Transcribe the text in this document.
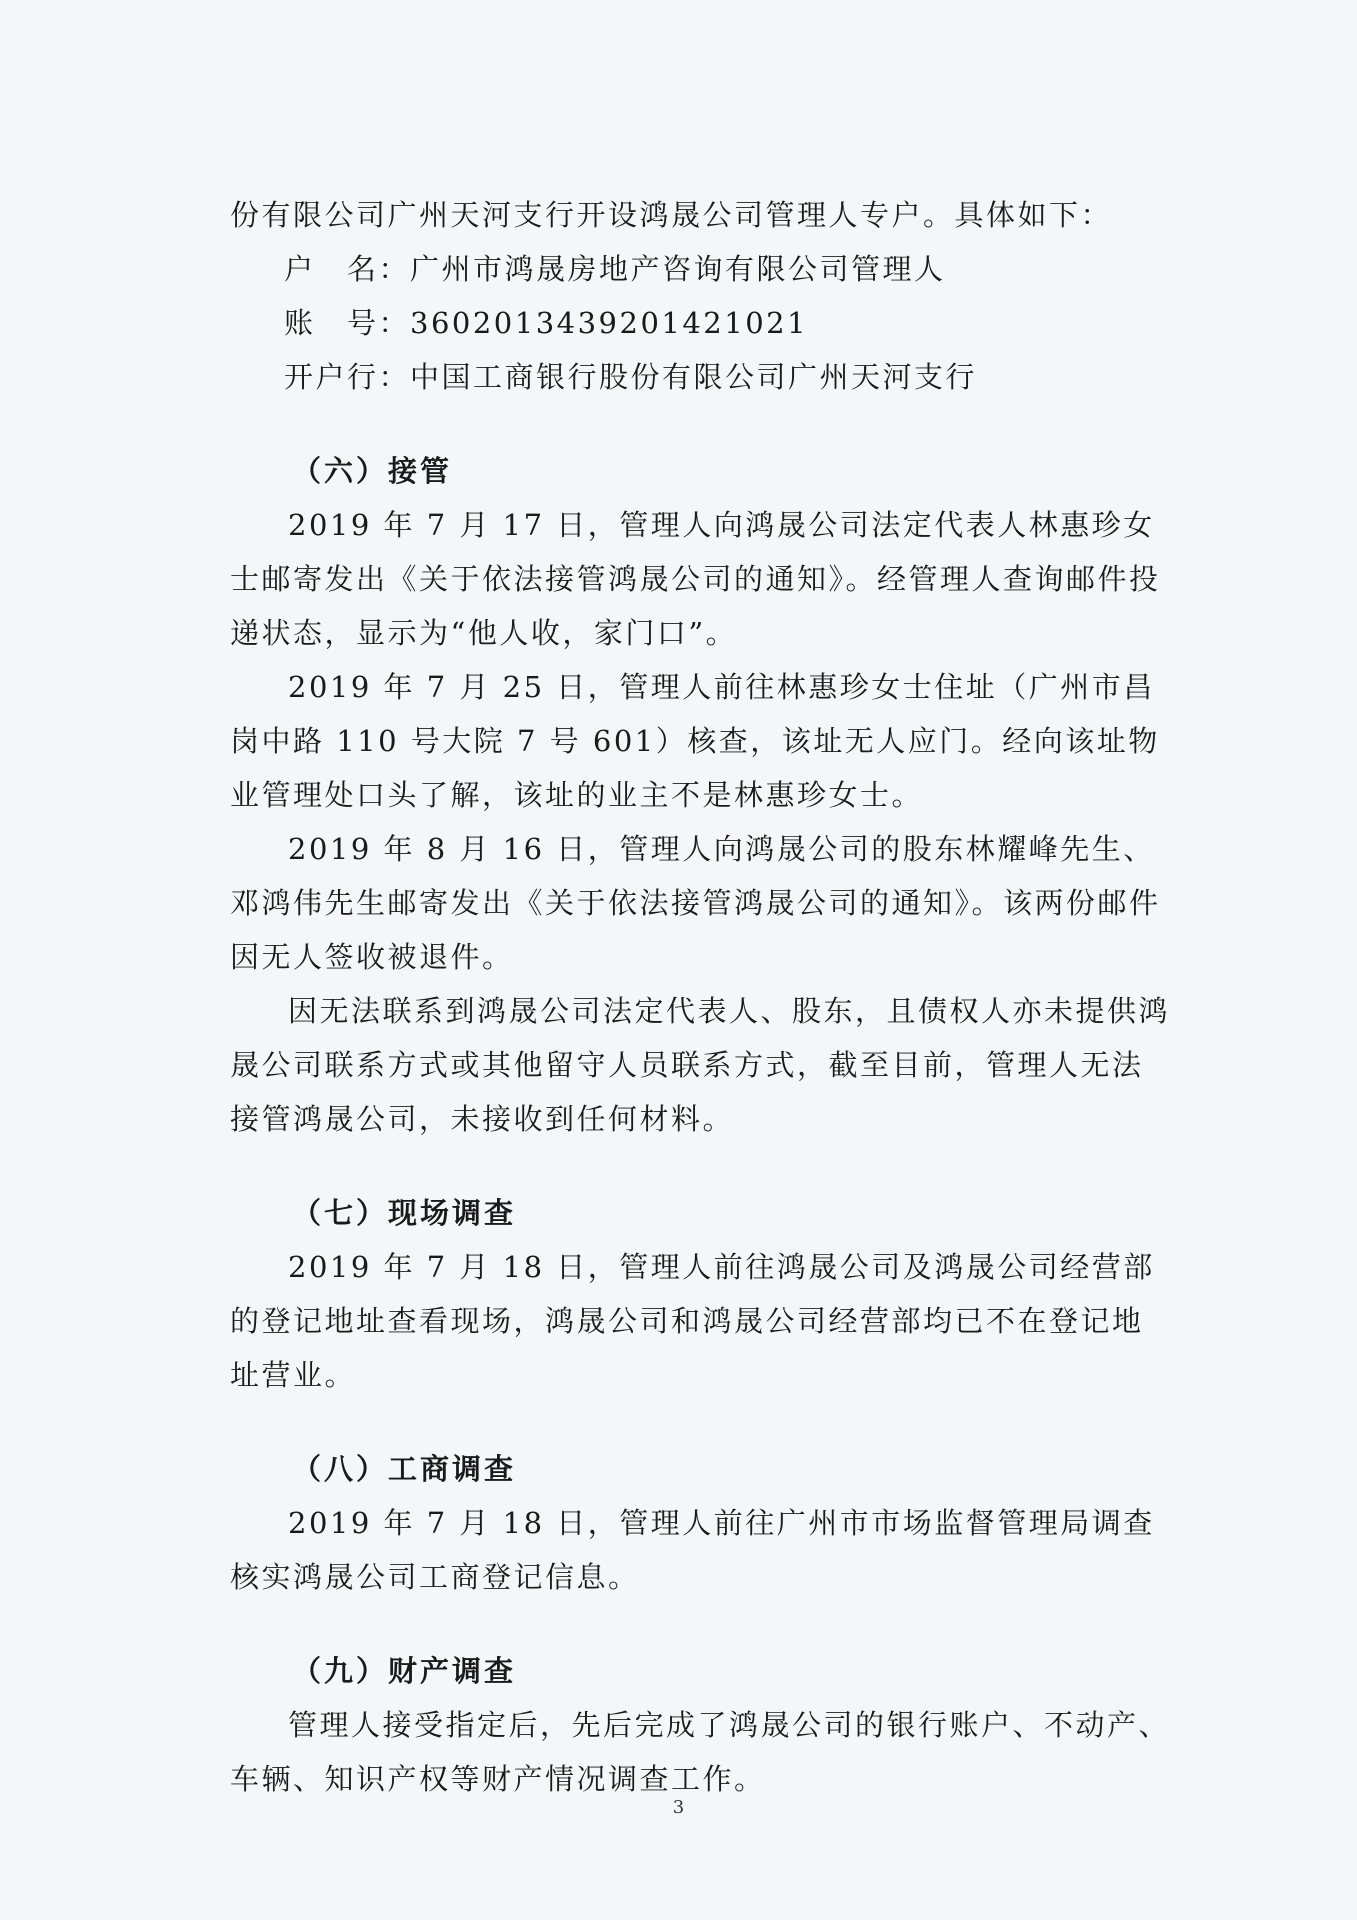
份有限公司广州天河支行开设鸿晟公司管理人专户。具体如下：

户　名：广州市鸿晟房地产咨询有限公司管理人

账　号：3602013439201421021

开户行：中国工商银行股份有限公司广州天河支行

（六）接管

2019 年 7 月 17 日，管理人向鸿晟公司法定代表人林惠珍女士邮寄发出《关于依法接管鸿晟公司的通知》。经管理人查询邮件投递状态，显示为“他人收，家门口”。

2019 年 7 月 25 日，管理人前往林惠珍女士住址（广州市昌岗中路 110 号大院 7 号 601）核查，该址无人应门。经向该址物业管理处口头了解，该址的业主不是林惠珍女士。

2019 年 8 月 16 日，管理人向鸿晟公司的股东林耀峰先生、邓鸿伟先生邮寄发出《关于依法接管鸿晟公司的通知》。该两份邮件因无人签收被退件。

因无法联系到鸿晟公司法定代表人、股东，且债权人亦未提供鸿晟公司联系方式或其他留守人员联系方式，截至目前，管理人无法接管鸿晟公司，未接收到任何材料。

（七）现场调查

2019 年 7 月 18 日，管理人前往鸿晟公司及鸿晟公司经营部的登记地址查看现场，鸿晟公司和鸿晟公司经营部均已不在登记地址营业。

（八）工商调查

2019 年 7 月 18 日，管理人前往广州市市场监督管理局调查核实鸿晟公司工商登记信息。

（九）财产调查

管理人接受指定后，先后完成了鸿晟公司的银行账户、不动产、车辆、知识产权等财产情况调查工作。

3
